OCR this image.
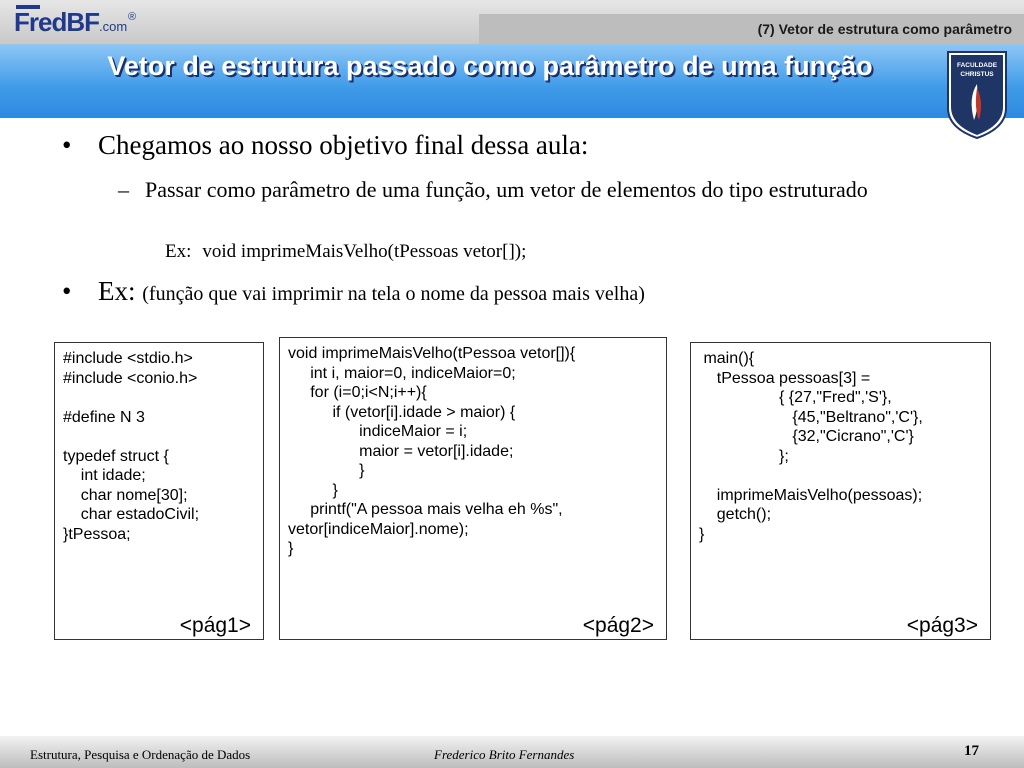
FredBF.com
®
(7) Vetor de estrutura como parâmetro
Vetor de estrutura passado como parâmetro de uma função	FACULDADE
CHRISTUS
• Chegamos ao nosso objetivo final dessa aula:
– Passar como parâmetro de uma função, um vetor de elementos do tipo estruturado
Ex: void imprimeMaisVelho(tPessoas vetor[]);
• Ex: (função que vai imprimir na tela o nome da pessoa mais velha)
#include <stdio.h>
#include <conio.h>

#define N 3

typedef struct {
int idade;
char nome[30];
char estadoCivil;
}tPessoa;
<pág1>
void imprimeMaisVelho(tPessoa vetor[]){
int i, maior=0, indiceMaior=0;
for (i=0;i<N;i++){
if (vetor[i].idade > maior) {
indiceMaior = i;
maior = vetor[i].idade;
}
}
printf("A pessoa mais velha eh %s",
vetor[indiceMaior].nome);
}
<pág2>
main(){
tPessoa pessoas[3] =
{ {27,"Fred",'S'},
{45,"Beltrano",'C'},
{32,"Cicrano",'C'}
};

imprimeMaisVelho(pessoas);
getch();
}
<pág3>
Estrutura, Pesquisa e Ordenação de Dados	Frederico Brito Fernandes	17
